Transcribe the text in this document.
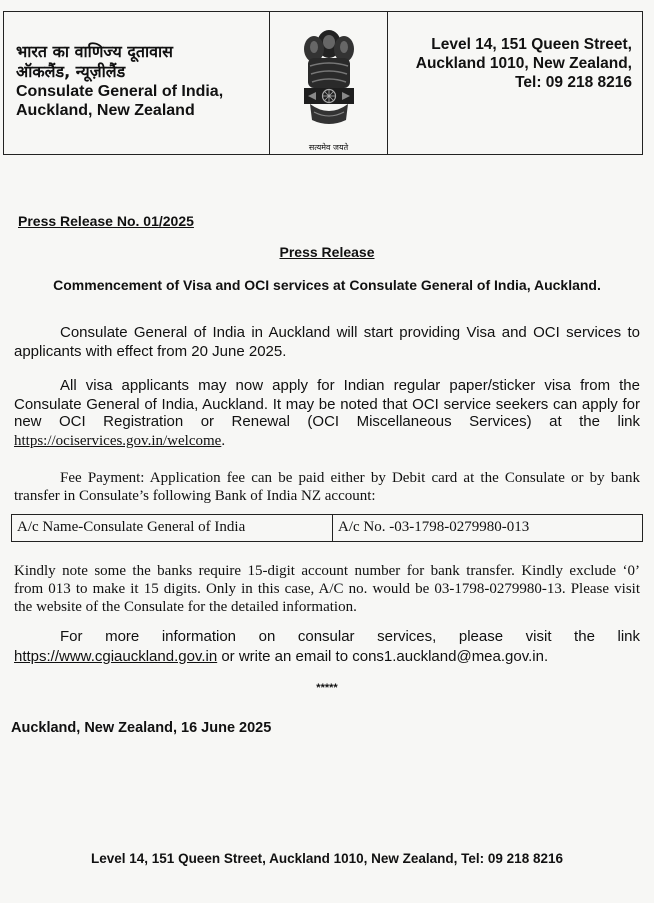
भारत का वाणिज्य दूतावास
ऑकलैंड, न्यूज़ीलैंड
Consulate General of India,
Auckland, New Zealand
सत्यमेव जयते
Level 14, 151 Queen Street,
Auckland 1010, New Zealand,
Tel: 09 218 8216
Press Release No. 01/2025
Press Release
Commencement of Visa and OCI services at Consulate General of India, Auckland.
Consulate General of India in Auckland will start providing Visa and OCI services to
applicants with effect from 20 June 2025.
All visa applicants may now apply for Indian regular paper/sticker visa from the
Consulate General of India, Auckland. It may be noted that OCI service seekers can apply for
new OCI Registration or Renewal (OCI Miscellaneous Services) at the link
https://ociservices.gov.in/welcome.
Fee Payment: Application fee can be paid either by Debit card at the Consulate or by bank
transfer in Consulate’s following Bank of India NZ account:
A/c Name-Consulate General of India	A/c No. -03-1798-0279980-013
Kindly note some the banks require 15-digit account number for bank transfer. Kindly exclude ‘0’
from 013 to make it 15 digits. Only in this case, A/C no. would be 03-1798-0279980-13. Please visit
the website of the Consulate for the detailed information.
For more information on consular services, please visit the link
https://www.cgiauckland.gov.in or write an email to cons1.auckland@mea.gov.in.
*****
Auckland, New Zealand, 16 June 2025
Level 14, 151 Queen Street, Auckland 1010, New Zealand, Tel: 09 218 8216
